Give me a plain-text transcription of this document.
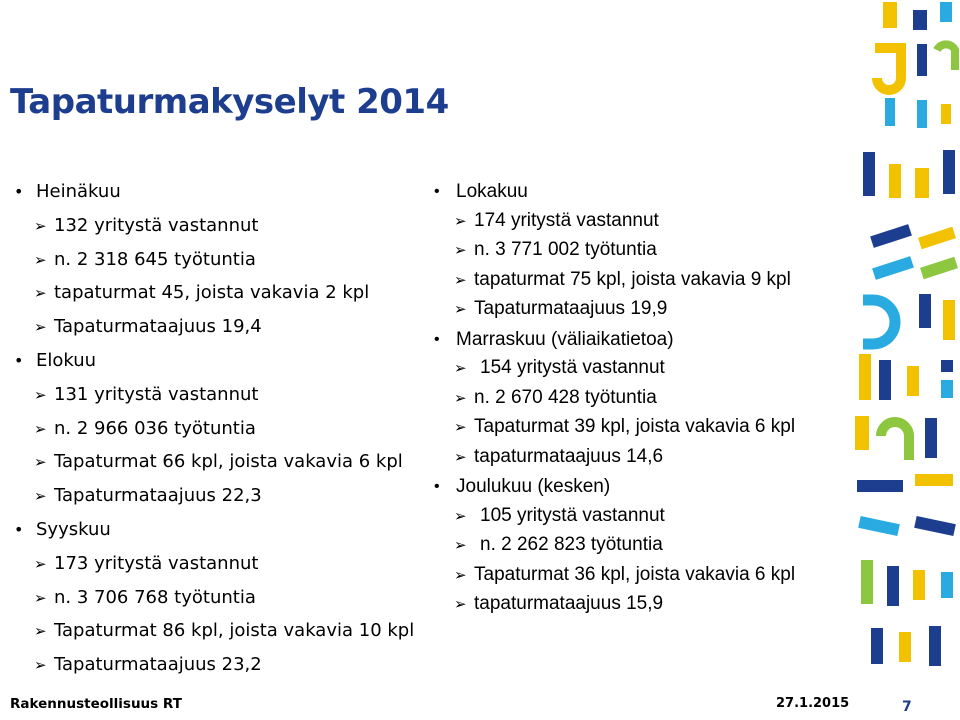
Tapaturmakyselyt 2014
• Heinäkuu
➢ 132 yritystä vastannut
➢ n. 2 318 645 työtuntia
➢ tapaturmat 45, joista vakavia 2 kpl
➢ Tapaturmataajuus 19,4
• Elokuu
➢ 131 yritystä vastannut
➢ n. 2 966 036 työtuntia
➢ Tapaturmat 66 kpl, joista vakavia 6 kpl
➢ Tapaturmataajuus 22,3
• Syyskuu
➢ 173 yritystä vastannut
➢ n. 3 706 768 työtuntia
➢ Tapaturmat 86 kpl, joista vakavia 10 kpl
➢ Tapaturmataajuus 23,2
• Lokakuu
➢ 174 yritystä vastannut
➢ n. 3 771 002 työtuntia
➢ tapaturmat 75 kpl, joista vakavia 9 kpl
➢ Tapaturmataajuus 19,9
• Marraskuu (väliaikatietoa)
➢ 154 yritystä vastannut
➢ n. 2 670 428 työtuntia
➢ Tapaturmat 39 kpl, joista vakavia 6 kpl
➢ tapaturmataajuus 14,6
• Joulukuu (kesken)
➢ 105 yritystä vastannut
➢ n. 2 262 823 työtuntia
➢ Tapaturmat 36 kpl, joista vakavia 6 kpl
➢ tapaturmataajuus 15,9
Rakennusteollisuus RT	27.1.2015	7
